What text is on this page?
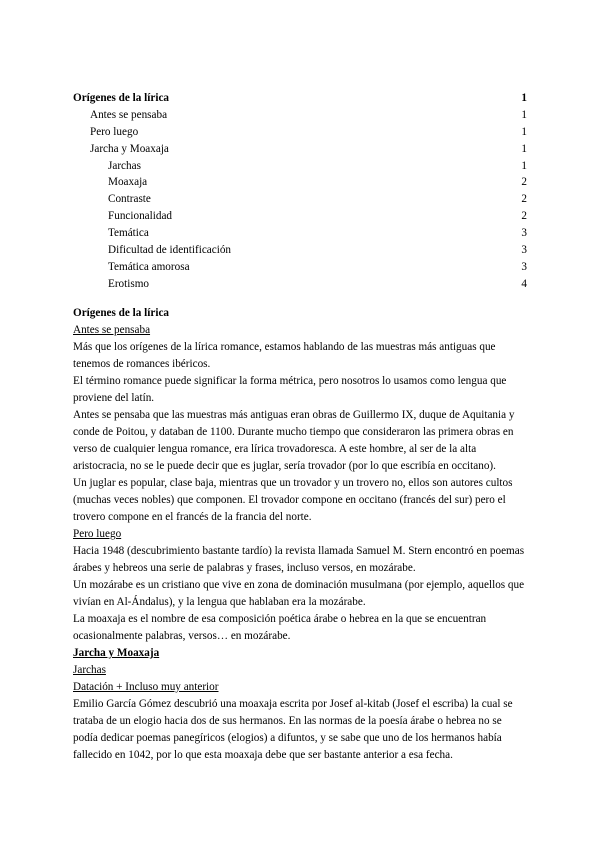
Orígenes de la lírica	1
Antes se pensaba	1
Pero luego	1
Jarcha y Moaxaja	1
Jarchas	1
Moaxaja	2
Contraste	2
Funcionalidad	2
Temática	3
Dificultad de identificación	3
Temática amorosa	3
Erotismo	4

Orígenes de la lírica

Antes se pensaba

Más que los orígenes de la lírica romance, estamos hablando de las muestras más antiguas que tenemos de romances ibéricos.

El término romance puede significar la forma métrica, pero nosotros lo usamos como lengua que proviene del latín.

Antes se pensaba que las muestras más antiguas eran obras de Guillermo IX, duque de Aquitania y conde de Poitou, y databan de 1100. Durante mucho tiempo que consideraron las primera obras en verso de cualquier lengua romance, era lírica trovadoresca. A este hombre, al ser de la alta aristocracia, no se le puede decir que es juglar, sería trovador (por lo que escribía en occitano).

Un juglar es popular, clase baja, mientras que un trovador y un trovero no, ellos son autores cultos (muchas veces nobles) que componen. El trovador compone en occitano (francés del sur) pero el trovero compone en el francés de la francia del norte.

Pero luego

Hacia 1948 (descubrimiento bastante tardío) la revista llamada Samuel M. Stern encontró en poemas árabes y hebreos una serie de palabras y frases, incluso versos, en mozárabe.

Un mozárabe es un cristiano que vive en zona de dominación musulmana (por ejemplo, aquellos que vivían en Al-Ándalus), y la lengua que hablaban era la mozárabe.

La moaxaja es el nombre de esa composición poética árabe o hebrea en la que se encuentran ocasionalmente palabras, versos… en mozárabe.

Jarcha y Moaxaja

Jarchas

Datación + Incluso muy anterior

Emilio García Gómez descubrió una moaxaja escrita por Josef al-kitab (Josef el escriba) la cual se trataba de un elogio hacia dos de sus hermanos. En las normas de la poesía árabe o hebrea no se podía dedicar poemas panegíricos (elogios) a difuntos, y se sabe que uno de los hermanos había fallecido en 1042, por lo que esta moaxaja debe que ser bastante anterior a esa fecha.
